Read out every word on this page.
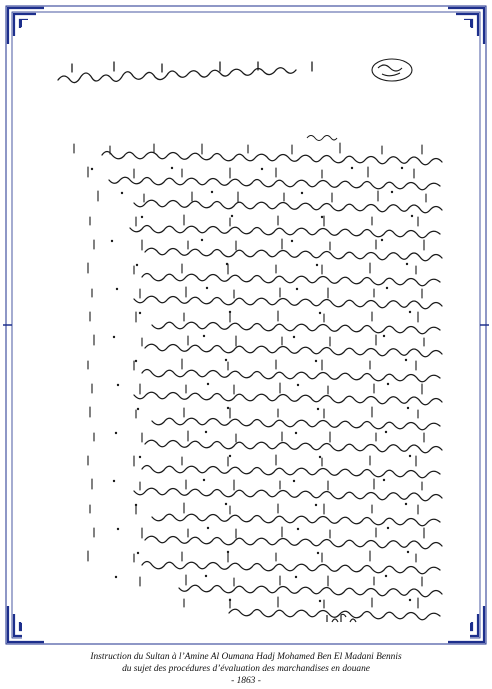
Instruction du Sultan à l’Amine Al Oumana Hadj Mohamed Ben El Madani Bennis
du sujet des procédures d’évaluation des marchandises en douane
- 1863 -
